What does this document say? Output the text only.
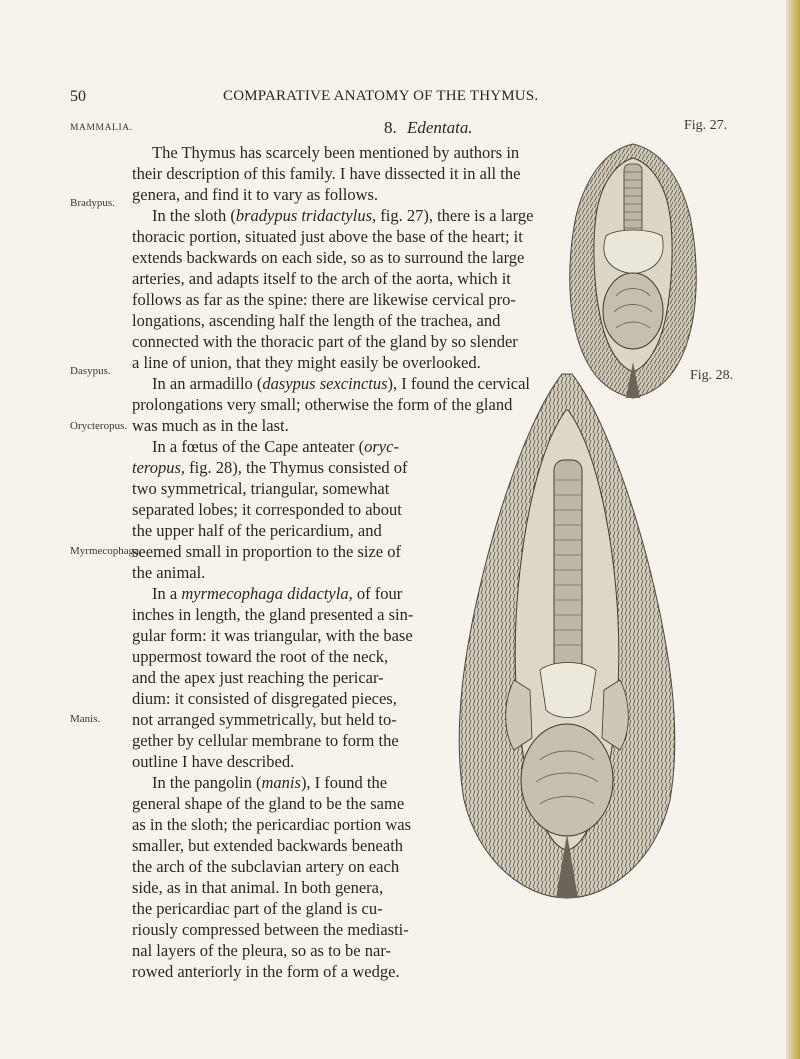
50	COMPARATIVE ANATOMY OF THE THYMUS.
MAMMALIA.
Bradypus.
Dasypus.
Orycteropus.
Myrmecophaga.
Manis.
8. Edentata.	Fig. 27.
Fig. 28.
The Thymus has scarcely been mentioned by authors in
their description of this family. I have dissected it in all the
genera, and find it to vary as follows.
In the sloth (bradypus tridactylus, fig. 27), there is a large
thoracic portion, situated just above the base of the heart; it
extends backwards on each side, so as to surround the large
arteries, and adapts itself to the arch of the aorta, which it
follows as far as the spine: there are likewise cervical pro-
longations, ascending half the length of the trachea, and
connected with the thoracic part of the gland by so slender
a line of union, that they might easily be overlooked.
In an armadillo (dasypus sexcinctus), I found the cervical
prolongations very small; otherwise the form of the gland
was much as in the last.
In a fœtus of the Cape anteater (oryc-
teropus, fig. 28), the Thymus consisted of
two symmetrical, triangular, somewhat
separated lobes; it corresponded to about
the upper half of the pericardium, and
seemed small in proportion to the size of
the animal.
In a myrmecophaga didactyla, of four
inches in length, the gland presented a sin-
gular form: it was triangular, with the base
uppermost toward the root of the neck,
and the apex just reaching the pericar-
dium: it consisted of disgregated pieces,
not arranged symmetrically, but held to-
gether by cellular membrane to form the
outline I have described.
In the pangolin (manis), I found the
general shape of the gland to be the same
as in the sloth; the pericardiac portion was
smaller, but extended backwards beneath
the arch of the subclavian artery on each
side, as in that animal. In both genera,
the pericardiac part of the gland is cu-
riously compressed between the mediasti-
nal layers of the pleura, so as to be nar-
rowed anteriorly in the form of a wedge.
